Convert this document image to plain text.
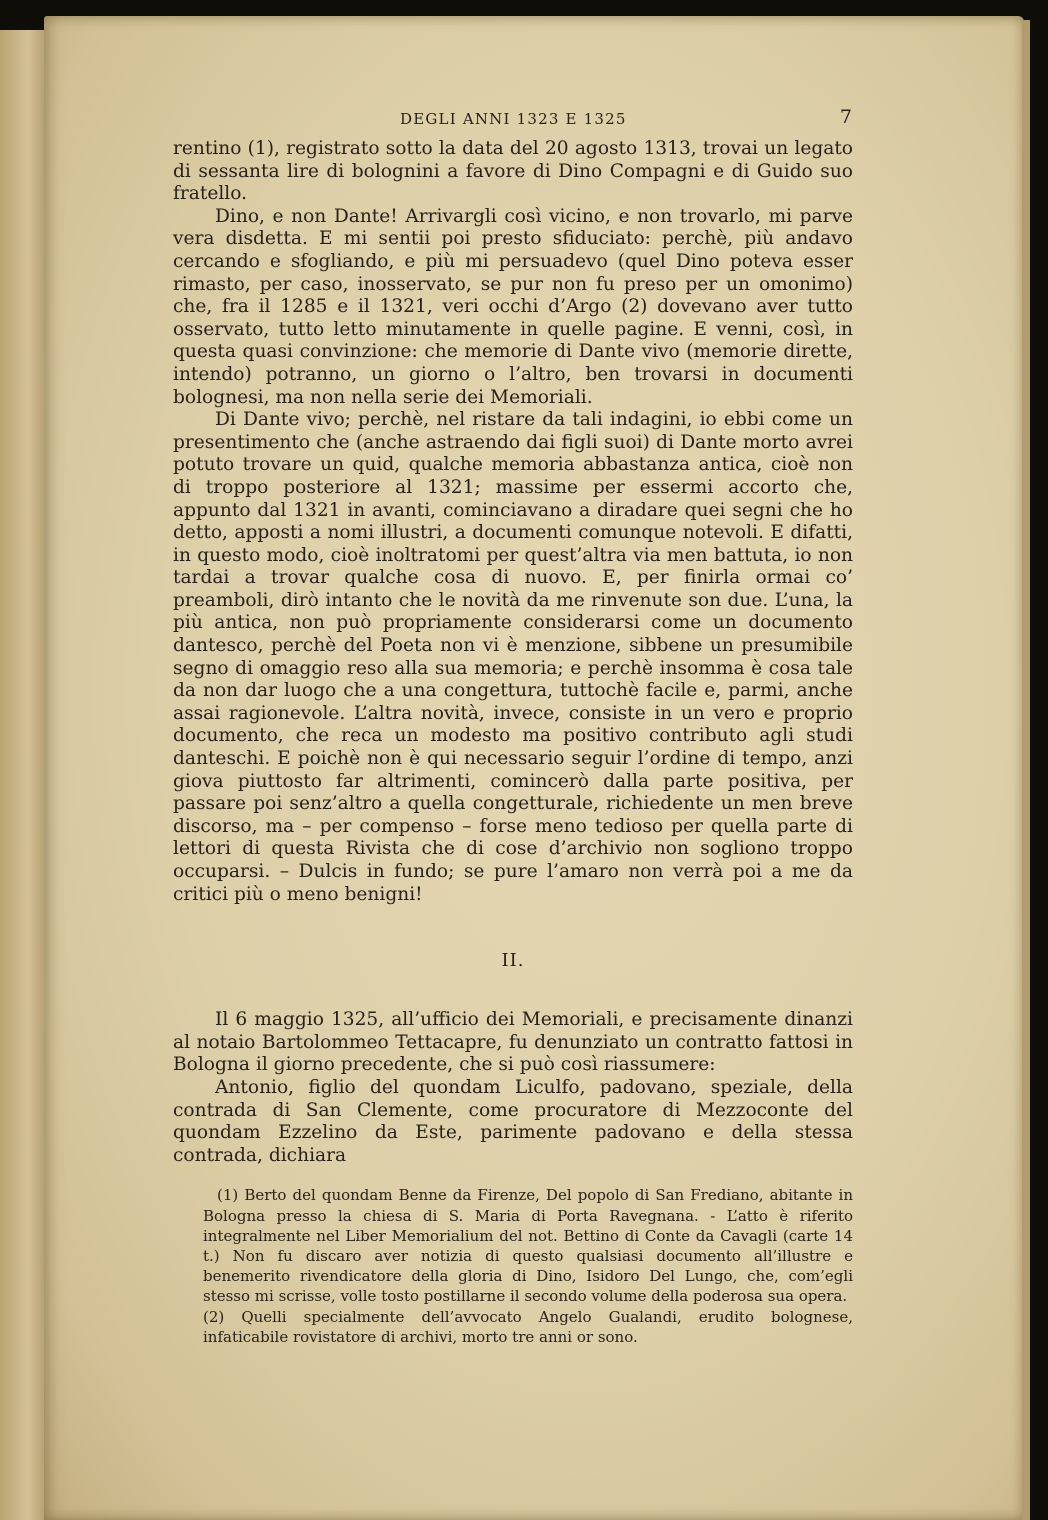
DEGLI ANNI 1323 E 1325	7

rentino (1), registrato sotto la data del 20 agosto 1313, trovai un legato di sessanta lire di bolognini a favore di Dino Compagni e di Guido suo fratello.

Dino, e non Dante! Arrivargli così vicino, e non trovarlo, mi parve vera disdetta. E mi sentii poi presto sfiduciato: perchè, più andavo cercando e sfogliando, e più mi persuadevo (quel Dino poteva esser rimasto, per caso, inosservato, se pur non fu preso per un omonimo) che, fra il 1285 e il 1321, veri occhi d’Argo (2) dovevano aver tutto osservato, tutto letto minutamente in quelle pagine. E venni, così, in questa quasi convinzione: che memorie di Dante vivo (memorie dirette, intendo) potranno, un giorno o l’altro, ben trovarsi in documenti bolognesi, ma non nella serie dei Memoriali.

Di Dante vivo; perchè, nel ristare da tali indagini, io ebbi come un presentimento che (anche astraendo dai figli suoi) di Dante morto avrei potuto trovare un quid, qualche memoria abbastanza antica, cioè non di troppo posteriore al 1321; massime per essermi accorto che, appunto dal 1321 in avanti, cominciavano a diradare quei segni che ho detto, apposti a nomi illustri, a documenti comunque notevoli. E difatti, in questo modo, cioè inoltratomi per quest’altra via men battuta, io non tardai a trovar qualche cosa di nuovo. E, per finirla ormai co’ preamboli, dirò intanto che le novità da me rinvenute son due. L’una, la più antica, non può propriamente considerarsi come un documento dantesco, perchè del Poeta non vi è menzione, sibbene un presumibile segno di omaggio reso alla sua memoria; e perchè insomma è cosa tale da non dar luogo che a una congettura, tuttochè facile e, parmi, anche assai ragionevole. L’altra novità, invece, consiste in un vero e proprio documento, che reca un modesto ma positivo contributo agli studi danteschi. E poichè non è qui necessario seguir l’ordine di tempo, anzi giova piuttosto far altrimenti, comincerò dalla parte positiva, per passare poi senz’altro a quella congetturale, richiedente un men breve discorso, ma – per compenso – forse meno tedioso per quella parte di lettori di questa Rivista che di cose d’archivio non sogliono troppo occuparsi. – Dulcis in fundo; se pure l’amaro non verrà poi a me da critici più o meno benigni!

II.

Il 6 maggio 1325, all’ufficio dei Memoriali, e precisamente dinanzi al notaio Bartolommeo Tettacapre, fu denunziato un contratto fattosi in Bologna il giorno precedente, che si può così riassumere:

Antonio, figlio del quondam Liculfo, padovano, speziale, della contrada di San Clemente, come procuratore di Mezzoconte del quondam Ezzelino da Este, parimente padovano e della stessa contrada, dichiara

(1) Berto del quondam Benne da Firenze, Del popolo di San Frediano, abitante in Bologna presso la chiesa di S. Maria di Porta Ravegnana. - L’atto è riferito integralmente nel Liber Memorialium del not. Bettino di Conte da Cavagli (carte 14 t.) Non fu discaro aver notizia di questo qualsiasi documento all’illustre e benemerito rivendicatore della gloria di Dino, Isidoro Del Lungo, che, com’egli stesso mi scrisse, volle tosto postillarne il secondo volume della poderosa sua opera.

(2) Quelli specialmente dell’avvocato Angelo Gualandi, erudito bolognese, infaticabile rovistatore di archivi, morto tre anni or sono.
